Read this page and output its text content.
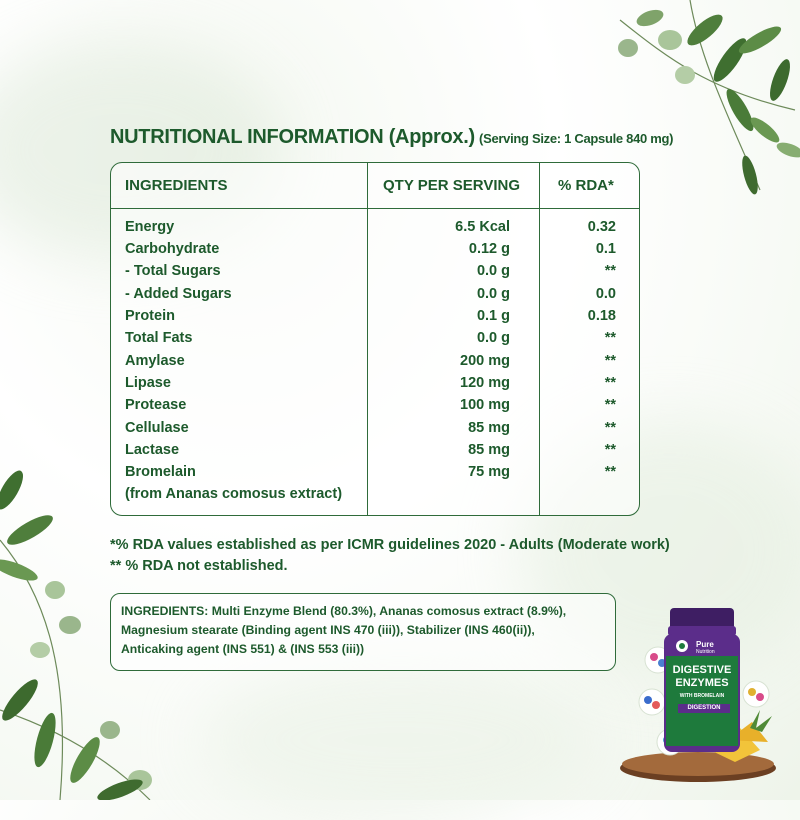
NUTRITIONAL INFORMATION (Approx.) (Serving Size: 1 Capsule 840 mg)
INGREDIENTS	QTY PER SERVING	% RDA*
Energy	6.5 Kcal	0.32
Carbohydrate	0.12 g	0.1
- Total Sugars	0.0 g	**
- Added Sugars	0.0 g	0.0
Protein	0.1 g	0.18
Total Fats	0.0 g	**
Amylase	200 mg	**
Lipase	120 mg	**
Protease	100 mg	**
Cellulase	85 mg	**
Lactase	85 mg	**
Bromelain	75 mg	**
(from Ananas comosus extract)
*% RDA values established as per ICMR guidelines 2020 - Adults (Moderate work)
** % RDA not established.
INGREDIENTS: Multi Enzyme Blend (80.3%), Ananas comosus extract (8.9%),
Magnesium stearate (Binding agent INS 470 (iii)), Stabilizer (INS 460(ii)),
Anticaking agent (INS 551) & (INS 553 (iii))	Pure
Nutrition
DIGESTIVE
ENZYMES
WITH BROMELAIN
DIGESTION
